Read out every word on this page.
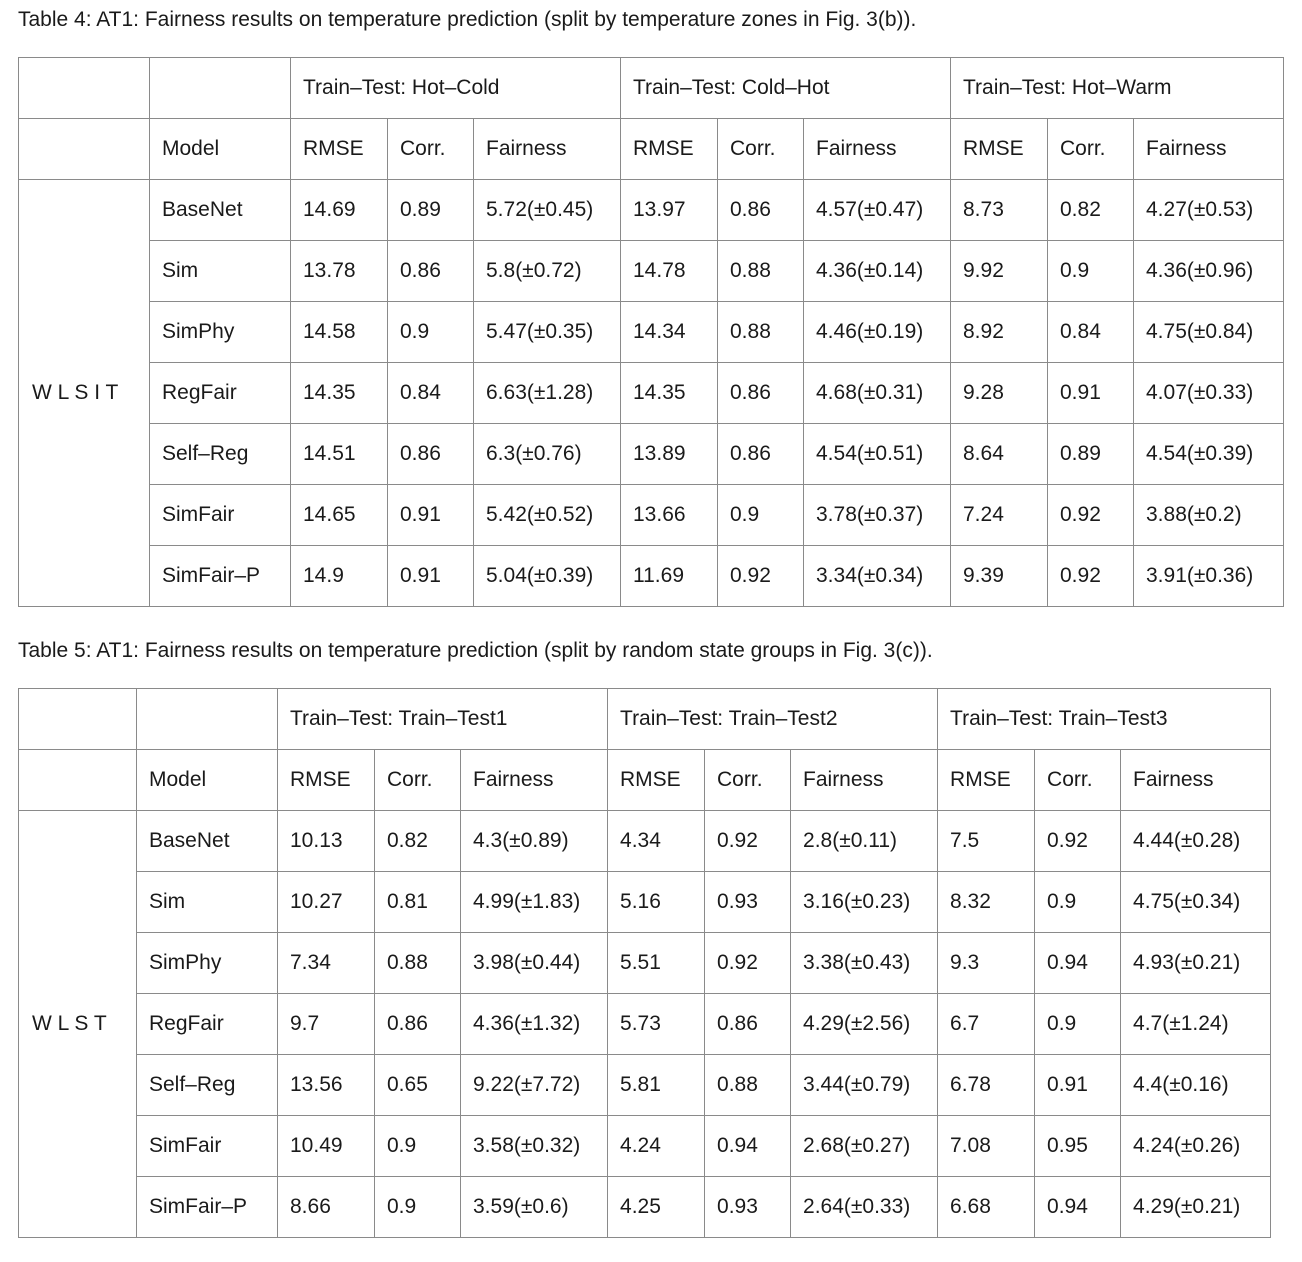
Table 4: AT1: Fairness results on temperature prediction (split by temperature zones in Fig. 3(b)).
		Train–Test: Hot–Cold			Train–Test: Cold–Hot			Train–Test: Hot–Warm		
	Model	RMSE	Corr.	Fairness	RMSE	Corr.	Fairness	RMSE	Corr.	Fairness
W L S I T	BaseNet	14.69	0.89	5.72(±0.45)	13.97	0.86	4.57(±0.47)	8.73	0.82	4.27(±0.53)
	Sim	13.78	0.86	5.8(±0.72)	14.78	0.88	4.36(±0.14)	9.92	0.9	4.36(±0.96)
	SimPhy	14.58	0.9	5.47(±0.35)	14.34	0.88	4.46(±0.19)	8.92	0.84	4.75(±0.84)
	RegFair	14.35	0.84	6.63(±1.28)	14.35	0.86	4.68(±0.31)	9.28	0.91	4.07(±0.33)
	Self–Reg	14.51	0.86	6.3(±0.76)	13.89	0.86	4.54(±0.51)	8.64	0.89	4.54(±0.39)
	SimFair	14.65	0.91	5.42(±0.52)	13.66	0.9	3.78(±0.37)	7.24	0.92	3.88(±0.2)
	SimFair–P	14.9	0.91	5.04(±0.39)	11.69	0.92	3.34(±0.34)	9.39	0.92	3.91(±0.36)
Table 5: AT1: Fairness results on temperature prediction (split by random state groups in Fig. 3(c)).
		Train–Test: Train–Test1			Train–Test: Train–Test2			Train–Test: Train–Test3		
	Model	RMSE	Corr.	Fairness	RMSE	Corr.	Fairness	RMSE	Corr.	Fairness
W L S T	BaseNet	10.13	0.82	4.3(±0.89)	4.34	0.92	2.8(±0.11)	7.5	0.92	4.44(±0.28)
	Sim	10.27	0.81	4.99(±1.83)	5.16	0.93	3.16(±0.23)	8.32	0.9	4.75(±0.34)
	SimPhy	7.34	0.88	3.98(±0.44)	5.51	0.92	3.38(±0.43)	9.3	0.94	4.93(±0.21)
	RegFair	9.7	0.86	4.36(±1.32)	5.73	0.86	4.29(±2.56)	6.7	0.9	4.7(±1.24)
	Self–Reg	13.56	0.65	9.22(±7.72)	5.81	0.88	3.44(±0.79)	6.78	0.91	4.4(±0.16)
	SimFair	10.49	0.9	3.58(±0.32)	4.24	0.94	2.68(±0.27)	7.08	0.95	4.24(±0.26)
	SimFair–P	8.66	0.9	3.59(±0.6)	4.25	0.93	2.64(±0.33)	6.68	0.94	4.29(±0.21)
